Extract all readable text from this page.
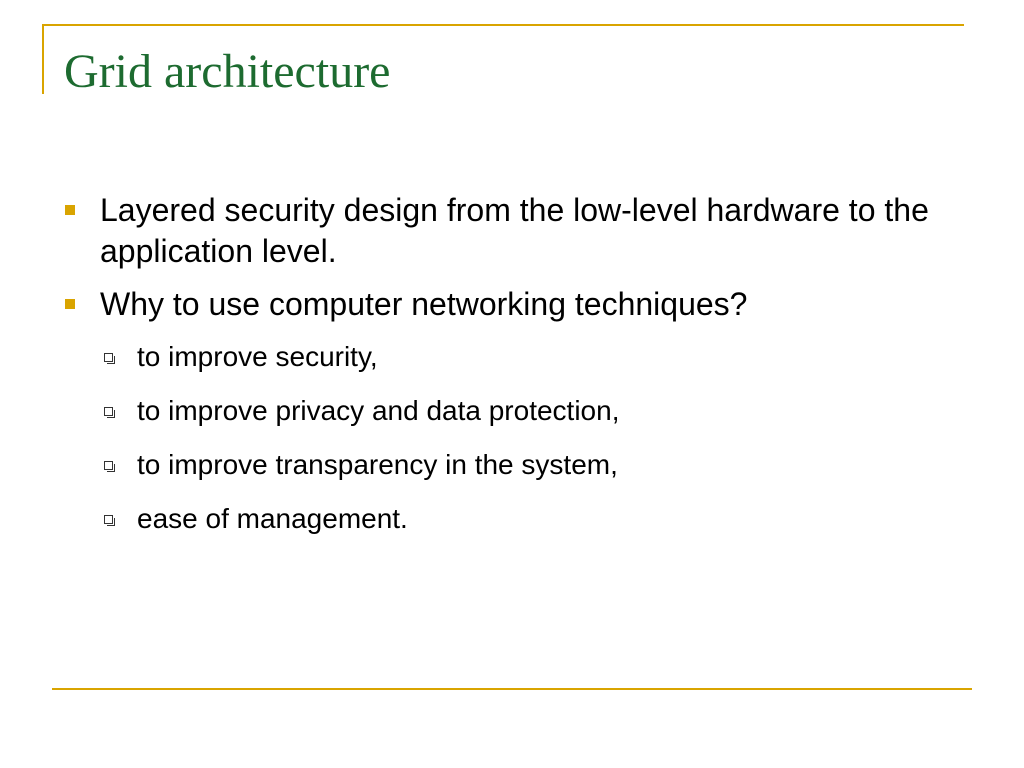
Grid architecture
Layered security design from the low-level hardware to the application level.
Why to use computer networking techniques?
to improve security,
to improve privacy and data protection,
to improve transparency in the system,
ease of management.
